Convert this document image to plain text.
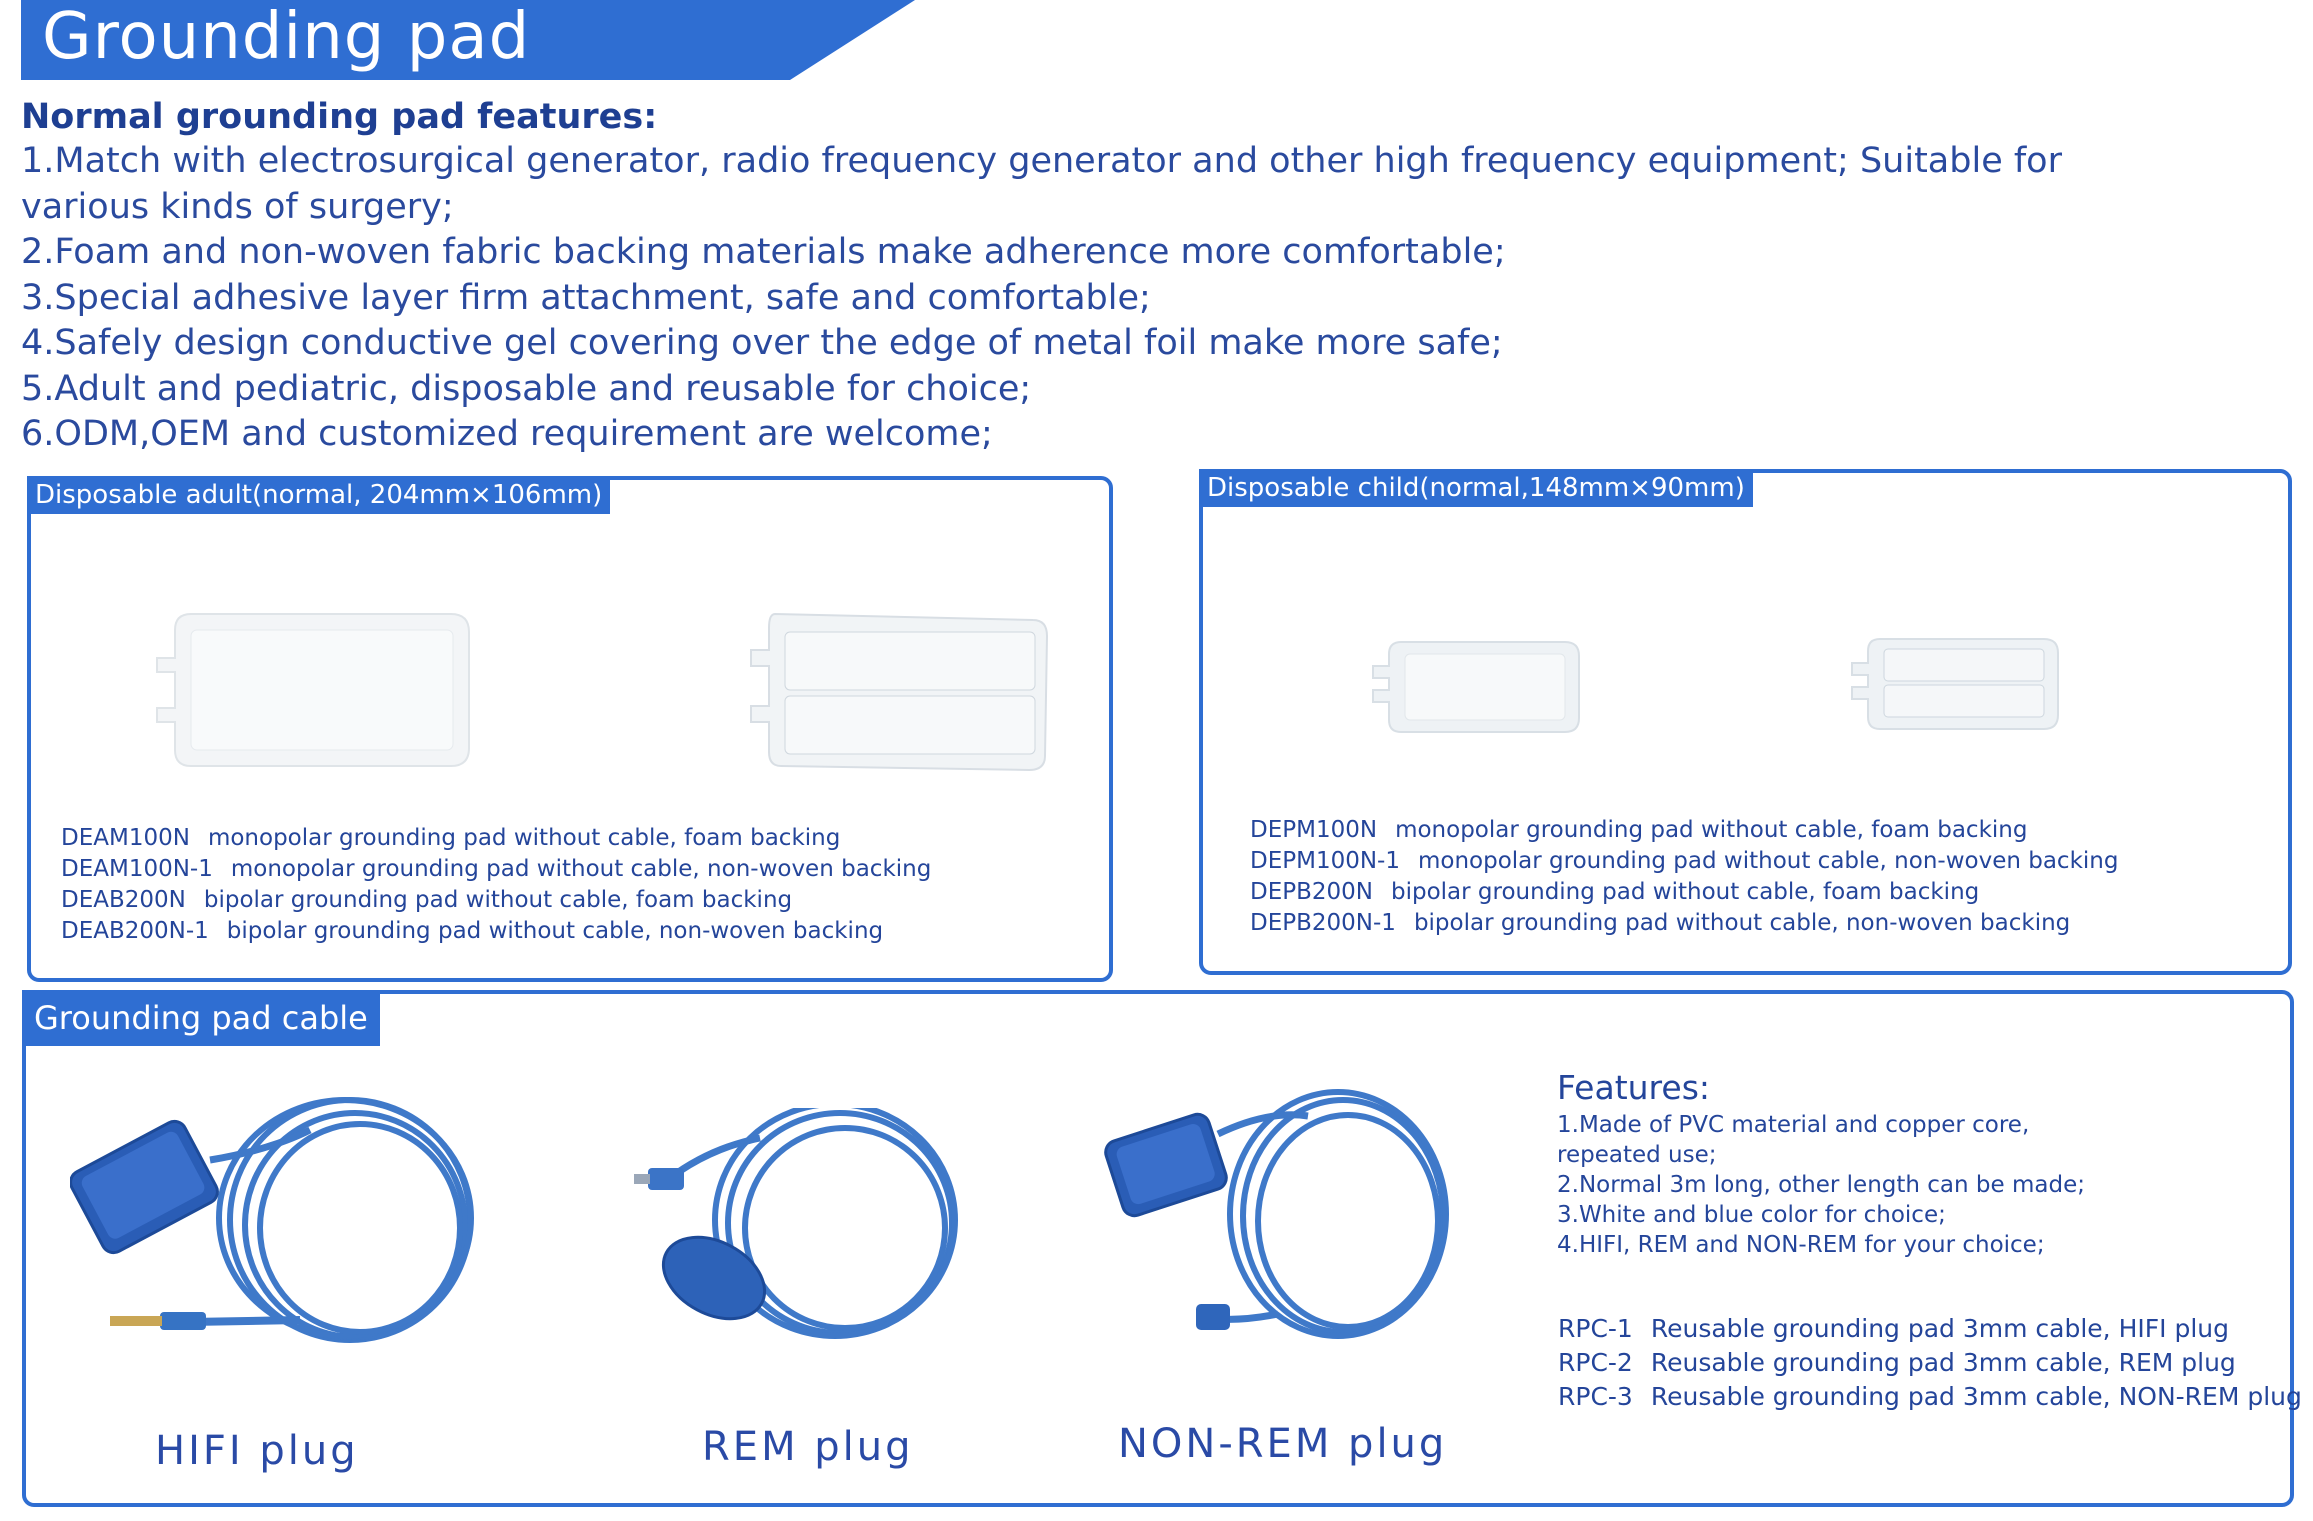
Grounding pad
Normal grounding pad features:

1.Match with electrosurgical generator, radio frequency generator and other high frequency equipment; Suitable for

various kinds of surgery;

2.Foam and non-woven fabric backing materials make adherence more comfortable;

3.Special adhesive layer firm attachment, safe and comfortable;

4.Safely design conductive gel covering over the edge of metal foil make more safe;

5.Adult and pediatric, disposable and reusable for choice;

6.ODM,OEM and customized requirement are welcome;

Disposable adult(normal, 204mm×106mm)
DEAM100N monopolar grounding pad without cable, foam backing
DEAM100N-1 monopolar grounding pad without cable, non-woven backing
DEAB200N bipolar grounding pad without cable, foam backing
DEAB200N-1 bipolar grounding pad without cable, non-woven backing
Disposable child(normal,148mm×90mm)
DEPM100N monopolar grounding pad without cable, foam backing
DEPM100N-1 monopolar grounding pad without cable, non-woven backing
DEPB200N bipolar grounding pad without cable, foam backing
DEPB200N-1 bipolar grounding pad without cable, non-woven backing
Grounding pad cable
HIFI plug	REM plug	NON-REM plug
Features:
1.Made of PVC material and copper core,
repeated use;
2.Normal 3m long, other length can be made;
3.White and blue color for choice;
4.HIFI, REM and NON-REM for your choice;
RPC-1 Reusable grounding pad 3mm cable, HIFI plug
RPC-2 Reusable grounding pad 3mm cable, REM plug
RPC-3 Reusable grounding pad 3mm cable, NON-REM plug
